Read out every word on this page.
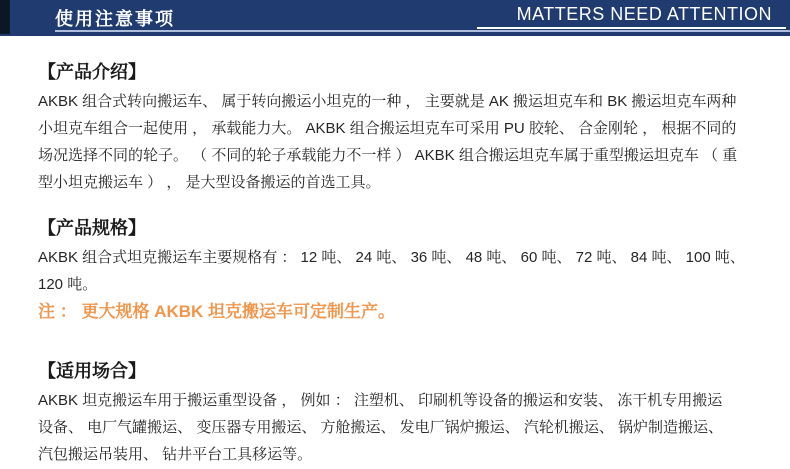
使用注意事项	MATTERS NEED ATTENTION
【产品介绍】
AKBK 组合式转向搬运车、 属于转向搬运小坦克的一种 ， 主要就是 AK 搬运坦克车和 BK 搬运坦克车两种
小坦克车组合一起使用 ， 承载能力大。 AKBK 组合搬运坦克车可采用 PU 胶轮、 合金刚轮 ， 根据不同的
场况选择不同的轮子。 （ 不同的轮子承载能力不一样 ） AKBK 组合搬运坦克车属于重型搬运坦克车 （ 重
型小坦克搬运车 ） ， 是大型设备搬运的首选工具。
【产品规格】
AKBK 组合式坦克搬运车主要规格有 ： 12 吨、 24 吨、 36 吨、 48 吨、 60 吨、 72 吨、 84 吨、 100 吨、
120 吨。
注 ： 更大规格 AKBK 坦克搬运车可定制生产。
【适用场合】
AKBK 坦克搬运车用于搬运重型设备 ， 例如 ： 注塑机、 印刷机等设备的搬运和安装、 冻干机专用搬运
设备、 电厂气罐搬运、 变压器专用搬运、 方舱搬运、 发电厂锅炉搬运、 汽轮机搬运、 锅炉制造搬运、
汽包搬运吊装用、 钻井平台工具移运等。
